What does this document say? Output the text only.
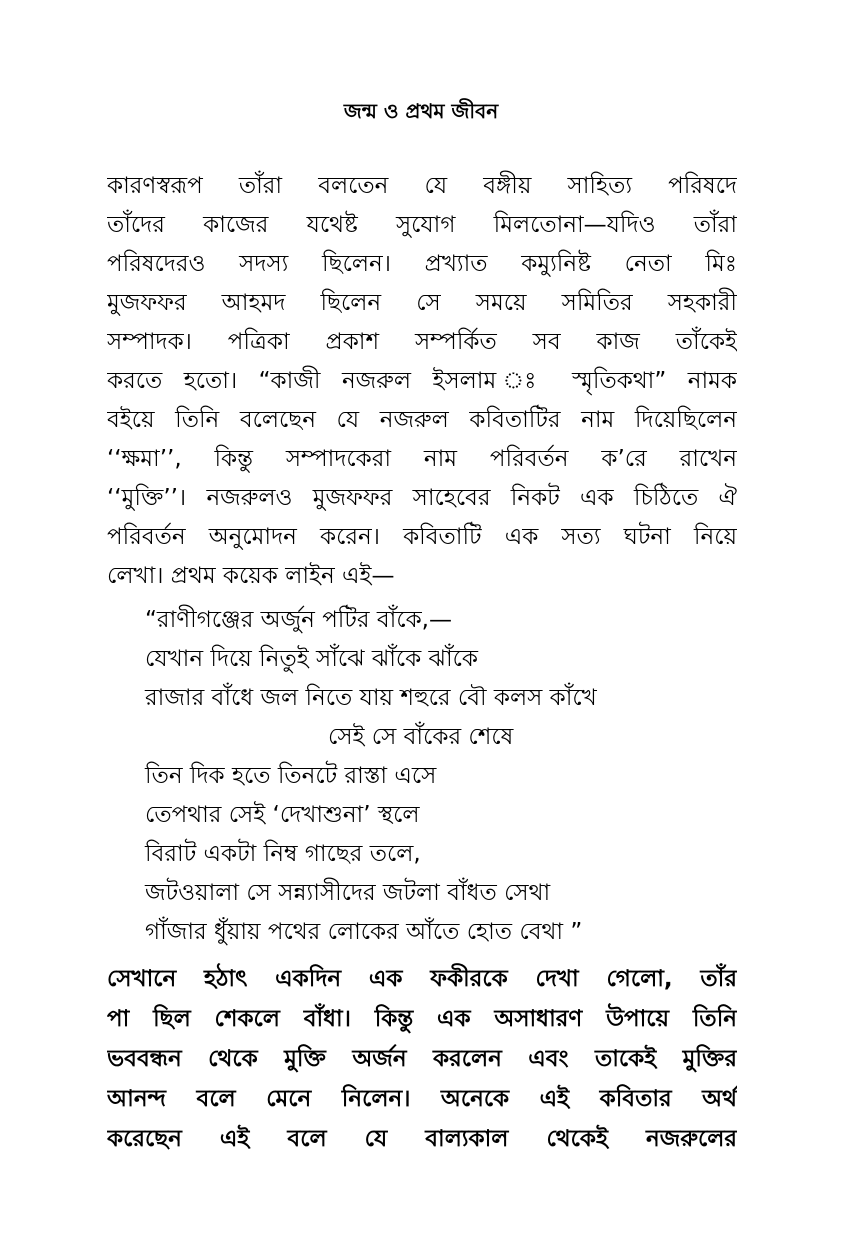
জন্ম ও প্রথম জীবন
কারণস্বরূপ তাঁরা বলতেন যে বঙ্গীয় সাহিত্য পরিষদে
তাঁদের কাজের যথেষ্ট সুযোগ মিলতোনা—যদিও তাঁরা
পরিষদেরও সদস্য ছিলেন। প্রখ্যাত কম্যুনিষ্ট নেতা মিঃ
মুজফফর আহমদ ছিলেন সে সময়ে সমিতির সহকারী
সম্পাদক। পত্রিকা প্রকাশ সম্পর্কিত সব কাজ তাঁকেই
করতে হতো। “কাজী নজরুল ইসলাম ঃ স্মৃতিকথা” নামক
বইয়ে তিনি বলেছেন যে নজরুল কবিতাটির নাম দিয়েছিলেন
‘‘ক্ষমা’’, কিন্তু সম্পাদকেরা নাম পরিবর্তন ক’রে রাখেন
‘‘মুক্তি’’। নজরুলও মুজফফর সাহেবের নিকট এক চিঠিতে ঐ
পরিবর্তন অনুমোদন করেন। কবিতাটি এক সত্য ঘটনা নিয়ে
লেখা। প্রথম কয়েক লাইন এই—
“রাণীগঞ্জের অর্জুন পটির বাঁকে,—
যেখান দিয়ে নিতুই সাঁঝে ঝাঁকে ঝাঁকে
রাজার বাঁধে জল নিতে যায় শহুরে বৌ কলস কাঁখে
সেই সে বাঁকের শেষে
তিন দিক হতে তিনটে রাস্তা এসে
তেপথার সেই ‘দেখাশুনা’ স্থলে
বিরাট একটা নিম্ব গাছের তলে,
জটওয়ালা সে সন্ন্যাসীদের জটলা বাঁধত সেথা
গাঁজার ধুঁয়ায় পথের লোকের আঁতে হোত বেথা ”
সেখানে হঠাৎ একদিন এক ফকীরকে দেখা গেলো, তাঁর
পা ছিল শেকলে বাঁধা। কিন্তু এক অসাধারণ উপায়ে তিনি
ভববন্ধন থেকে মুক্তি অর্জন করলেন এবং তাকেই মুক্তির
আনন্দ বলে মেনে নিলেন। অনেকে এই কবিতার অর্থ
করেছেন এই বলে যে বাল্যকাল থেকেই নজরুলের
